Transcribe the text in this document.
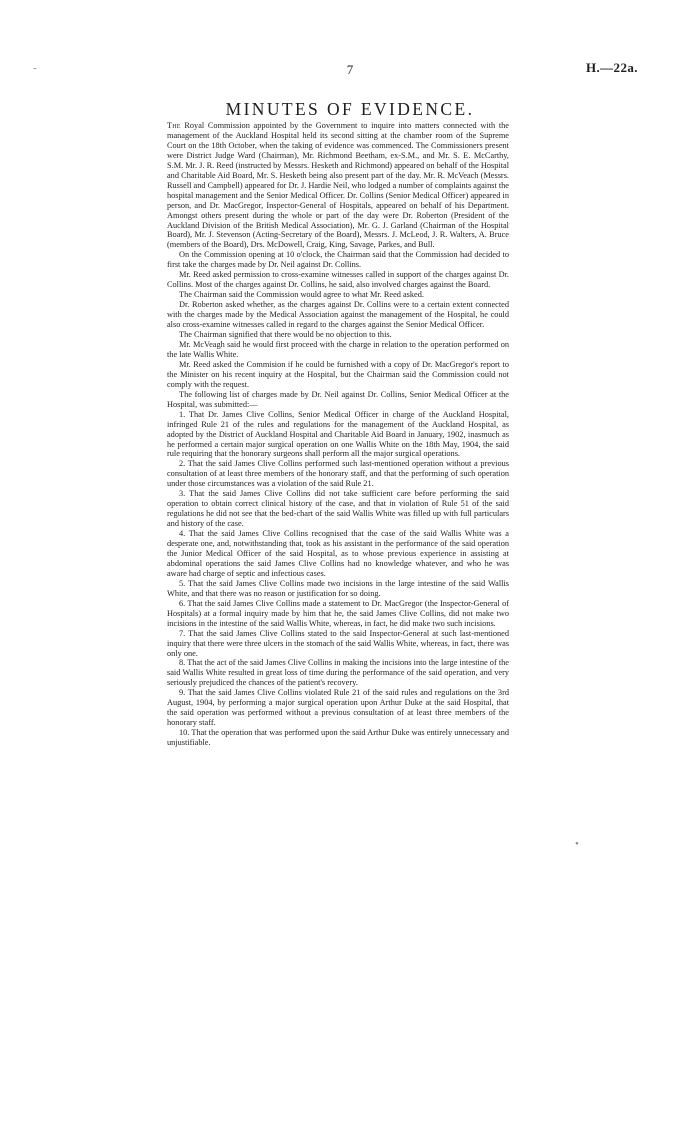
-	7	H.—22a.
MINUTES OF EVIDENCE.

The Royal Commission appointed by the Government to inquire into matters connected with the management of the Auckland Hospital held its second sitting at the chamber room of the Supreme Court on the 18th October, when the taking of evidence was commenced. The Commissioners present were District Judge Ward (Chairman), Mr. Richmond Beetham, ex-S.M., and Mr. S. E. McCarthy, S.M. Mr. J. R. Reed (instructed by Messrs. Hesketh and Richmond) appeared on behalf of the Hospital and Charitable Aid Board, Mr. S. Hesketh being also present part of the day. Mr. R. McVeach (Messrs. Russell and Campbell) appeared for Dr. J. Hardie Neil, who lodged a number of complaints against the hospital management and the Senior Medical Officer. Dr. Collins (Senior Medical Officer) appeared in person, and Dr. MacGregor, Inspector-General of Hospitals, appeared on behalf of his Department. Amongst others present during the whole or part of the day were Dr. Roberton (President of the Auckland Division of the British Medical Association), Mr. G. J. Garland (Chairman of the Hospital Board), Mr. J. Stevenson (Acting-Secretary of the Board), Messrs. J. McLeod, J. R. Walters, A. Bruce (members of the Board), Drs. McDowell, Craig, King, Savage, Parkes, and Bull.

On the Commission opening at 10 o'clock, the Chairman said that the Commission had decided to first take the charges made by Dr. Neil against Dr. Collins.

Mr. Reed asked permission to cross-examine witnesses called in support of the charges against Dr. Collins. Most of the charges against Dr. Collins, he said, also involved charges against the Board.

The Chairman said the Commission would agree to what Mr. Reed asked.

Dr. Roberton asked whether, as the charges against Dr. Collins were to a certain extent connected with the charges made by the Medical Association against the management of the Hospital, he could also cross-examine witnesses called in regard to the charges against the Senior Medical Officer.

The Chairman signified that there would be no objection to this.

Mr. McVeagh said he would first proceed with the charge in relation to the operation performed on the late Wallis White.

Mr. Reed asked the Commision if he could be furnished with a copy of Dr. MacGregor's report to the Minister on his recent inquiry at the Hospital, but the Chairman said the Commission could not comply with the request.

The following list of charges made by Dr. Neil against Dr. Collins, Senior Medical Officer at the Hospital, was submitted:—

1. That Dr. James Clive Collins, Senior Medical Officer in charge of the Auckland Hospital, infringed Rule 21 of the rules and regulations for the management of the Auckland Hospital, as adopted by the District of Auckland Hospital and Charitable Aid Board in January, 1902, inasmuch as he performed a certain major surgical operation on one Wallis White on the 18th May, 1904, the said rule requiring that the honorary surgeons shall perform all the major surgical operations.

2. That the said James Clive Collins performed such last-mentioned operation without a previous consultation of at least three members of the honorary staff, and that the performing of such operation under those circumstances was a violation of the said Rule 21.

3. That the said James Clive Collins did not take sufficient care before performing the said operation to obtain correct clinical history of the case, and that in violation of Rule 51 of the said regulations he did not see that the bed-chart of the said Wallis White was filled up with full particulars and history of the case.

4. That the said James Clive Collins recognised that the case of the said Wallis White was a desperate one, and, notwithstanding that, took as his assistant in the performance of the said operation the Junior Medical Officer of the said Hospital, as to whose previous experience in assisting at abdominal operations the said James Clive Collins had no knowledge whatever, and who he was aware had charge of septic and infectious cases.

5. That the said James Clive Collins made two incisions in the large intestine of the said Wallis White, and that there was no reason or justification for so doing.

6. That the said James Clive Collins made a statement to Dr. MacGregor (the Inspector-General of Hospitals) at a formal inquiry made by him that he, the said James Clive Collins, did not make two incisions in the intestine of the said Wallis White, whereas, in fact, he did make two such incisions.

7. That the said James Clive Collins stated to the said Inspector-General at such last-mentioned inquiry that there were three ulcers in the stomach of the said Wallis White, whereas, in fact, there was only one.

8. That the act of the said James Clive Collins in making the incisions into the large intestine of the said Wallis White resulted in great loss of time during the performance of the said operation, and very seriously prejudiced the chances of the patient's recovery.

9. That the said James Clive Collins violated Rule 21 of the said rules and regulations on the 3rd August, 1904, by performing a major surgical operation upon Arthur Duke at the said Hospital, that the said operation was performed without a previous consultation of at least three members of the honorary staff.

10. That the operation that was performed upon the said Arthur Duke was entirely unnecessary and unjustifiable.

•
